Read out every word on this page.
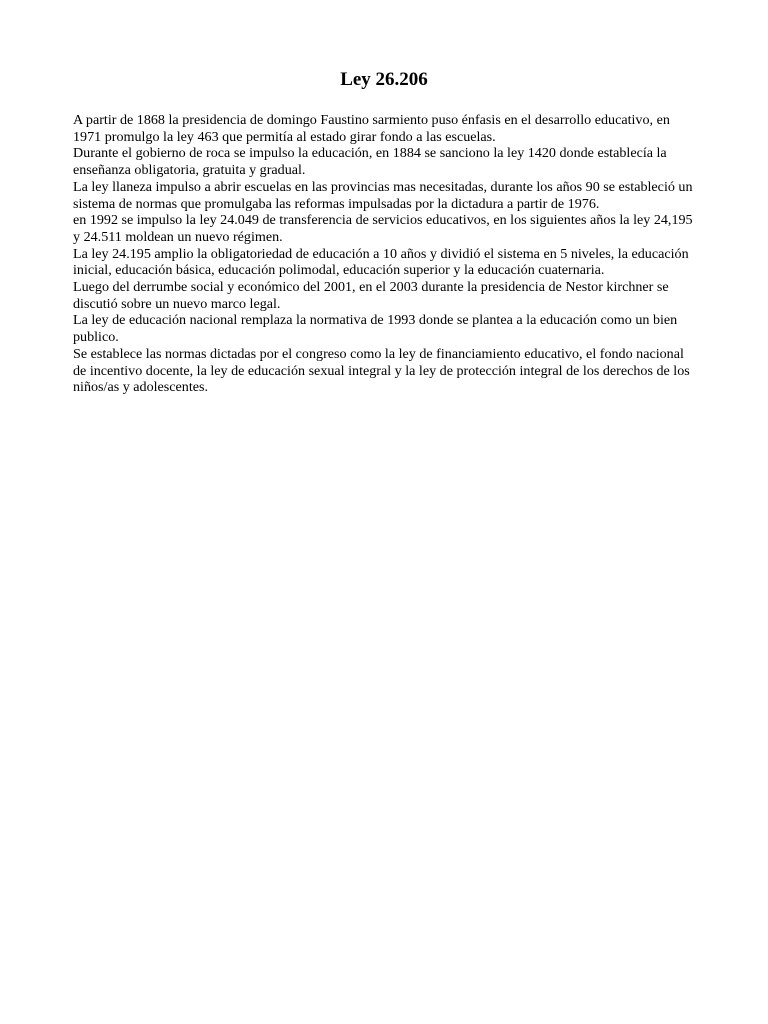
Ley 26.206

A partir de 1868 la presidencia de domingo Faustino sarmiento puso énfasis en el desarrollo educativo, en 1971 promulgo la ley 463 que permitía al estado girar fondo a las escuelas.

Durante el gobierno de roca se impulso la educación, en 1884 se sanciono la ley 1420 donde establecía la enseñanza obligatoria, gratuita y gradual.

La ley llaneza impulso a abrir escuelas en las provincias mas necesitadas, durante los años 90 se estableció un sistema de normas que promulgaba las reformas impulsadas por la dictadura a partir de 1976.

en 1992 se impulso la ley 24.049 de transferencia de servicios educativos, en los siguientes años la ley 24,195 y 24.511 moldean un nuevo régimen.

La ley 24.195 amplio la obligatoriedad de educación a 10 años y dividió el sistema en 5 niveles, la educación inicial, educación básica, educación polimodal, educación superior y la educación cuaternaria.

Luego del derrumbe social y económico del 2001, en el 2003 durante la presidencia de Nestor kirchner se discutió sobre un nuevo marco legal.

La ley de educación nacional remplaza la normativa de 1993 donde se plantea a la educación como un bien publico.

Se establece las normas dictadas por el congreso como la ley de financiamiento educativo, el fondo nacional de incentivo docente, la ley de educación sexual integral y la ley de protección integral de los derechos de los niños/as y adolescentes.
